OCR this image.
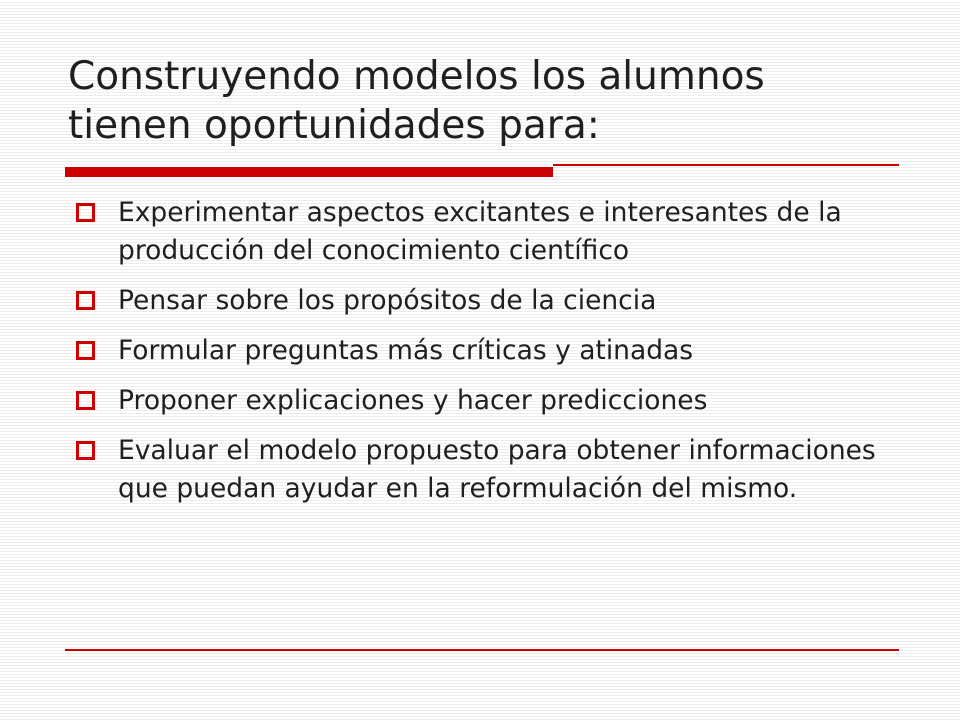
Construyendo modelos los alumnos
tienen oportunidades para:
Experimentar aspectos excitantes e interesantes de la producción del conocimiento científico
Pensar sobre los propósitos de la ciencia
Formular preguntas más críticas y atinadas
Proponer explicaciones y hacer predicciones
Evaluar el modelo propuesto para obtener informaciones que puedan ayudar en la reformulación del mismo.
